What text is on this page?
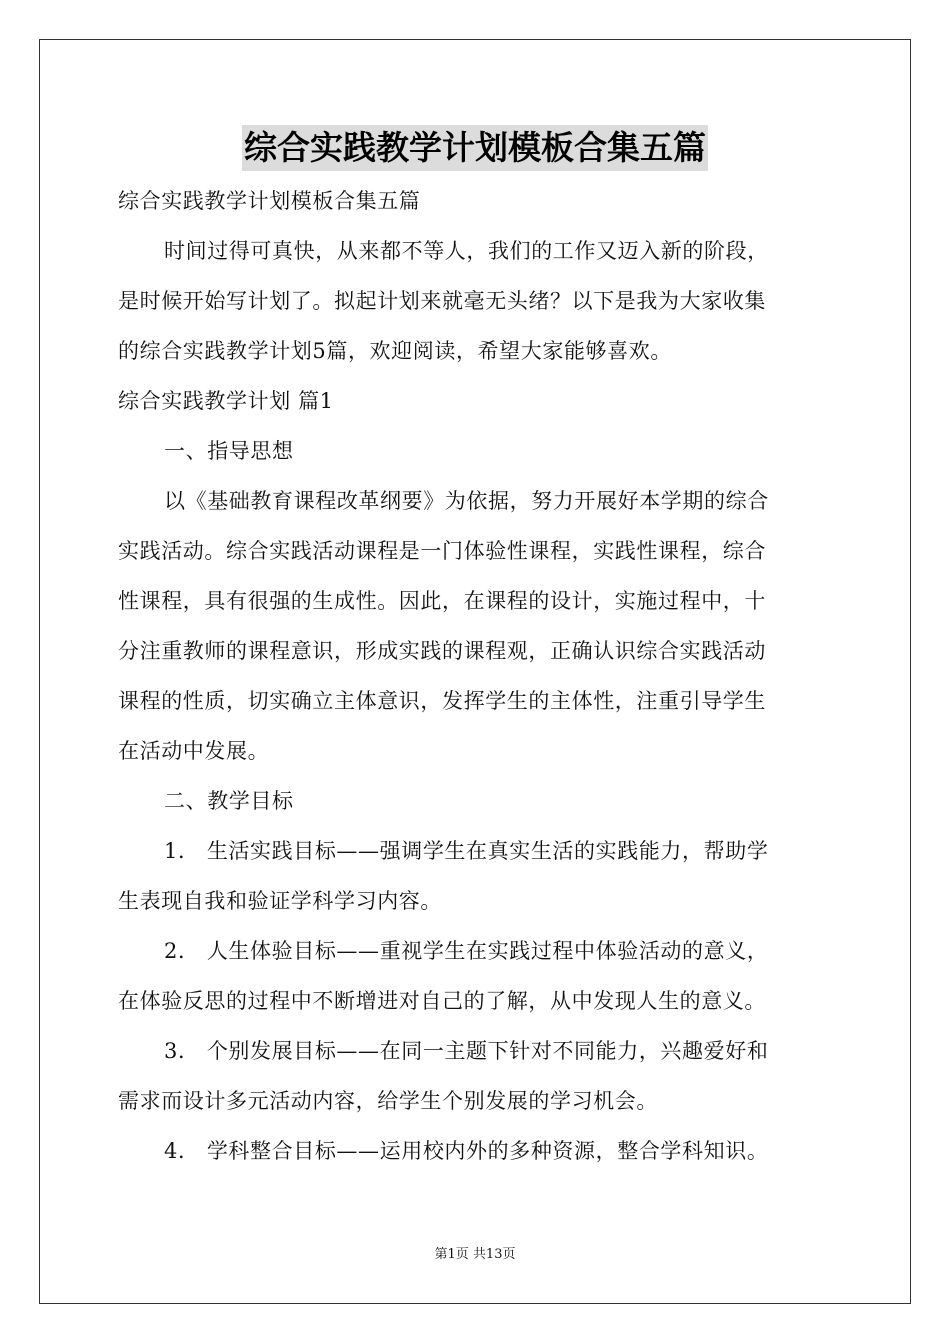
综合实践教学计划模板合集五篇
综合实践教学计划模板合集五篇
时间过得可真快，从来都不等人，我们的工作又迈入新的阶段，
是时候开始写计划了。拟起计划来就毫无头绪？以下是我为大家收集
的综合实践教学计划5篇，欢迎阅读，希望大家能够喜欢。
综合实践教学计划 篇1
一、指导思想
以《基础教育课程改革纲要》为依据，努力开展好本学期的综合
实践活动。综合实践活动课程是一门体验性课程，实践性课程，综合
性课程，具有很强的生成性。因此，在课程的设计，实施过程中，十
分注重教师的课程意识，形成实践的课程观，正确认识综合实践活动
课程的性质，切实确立主体意识，发挥学生的主体性，注重引导学生
在活动中发展。
二、教学目标
1． 生活实践目标——强调学生在真实生活的实践能力，帮助学
生表现自我和验证学科学习内容。
2． 人生体验目标——重视学生在实践过程中体验活动的意义，
在体验反思的过程中不断增进对自己的了解，从中发现人生的意义。
3． 个别发展目标——在同一主题下针对不同能力，兴趣爱好和
需求而设计多元活动内容，给学生个别发展的学习机会。
4． 学科整合目标——运用校内外的多种资源，整合学科知识。
第1页 共13页
